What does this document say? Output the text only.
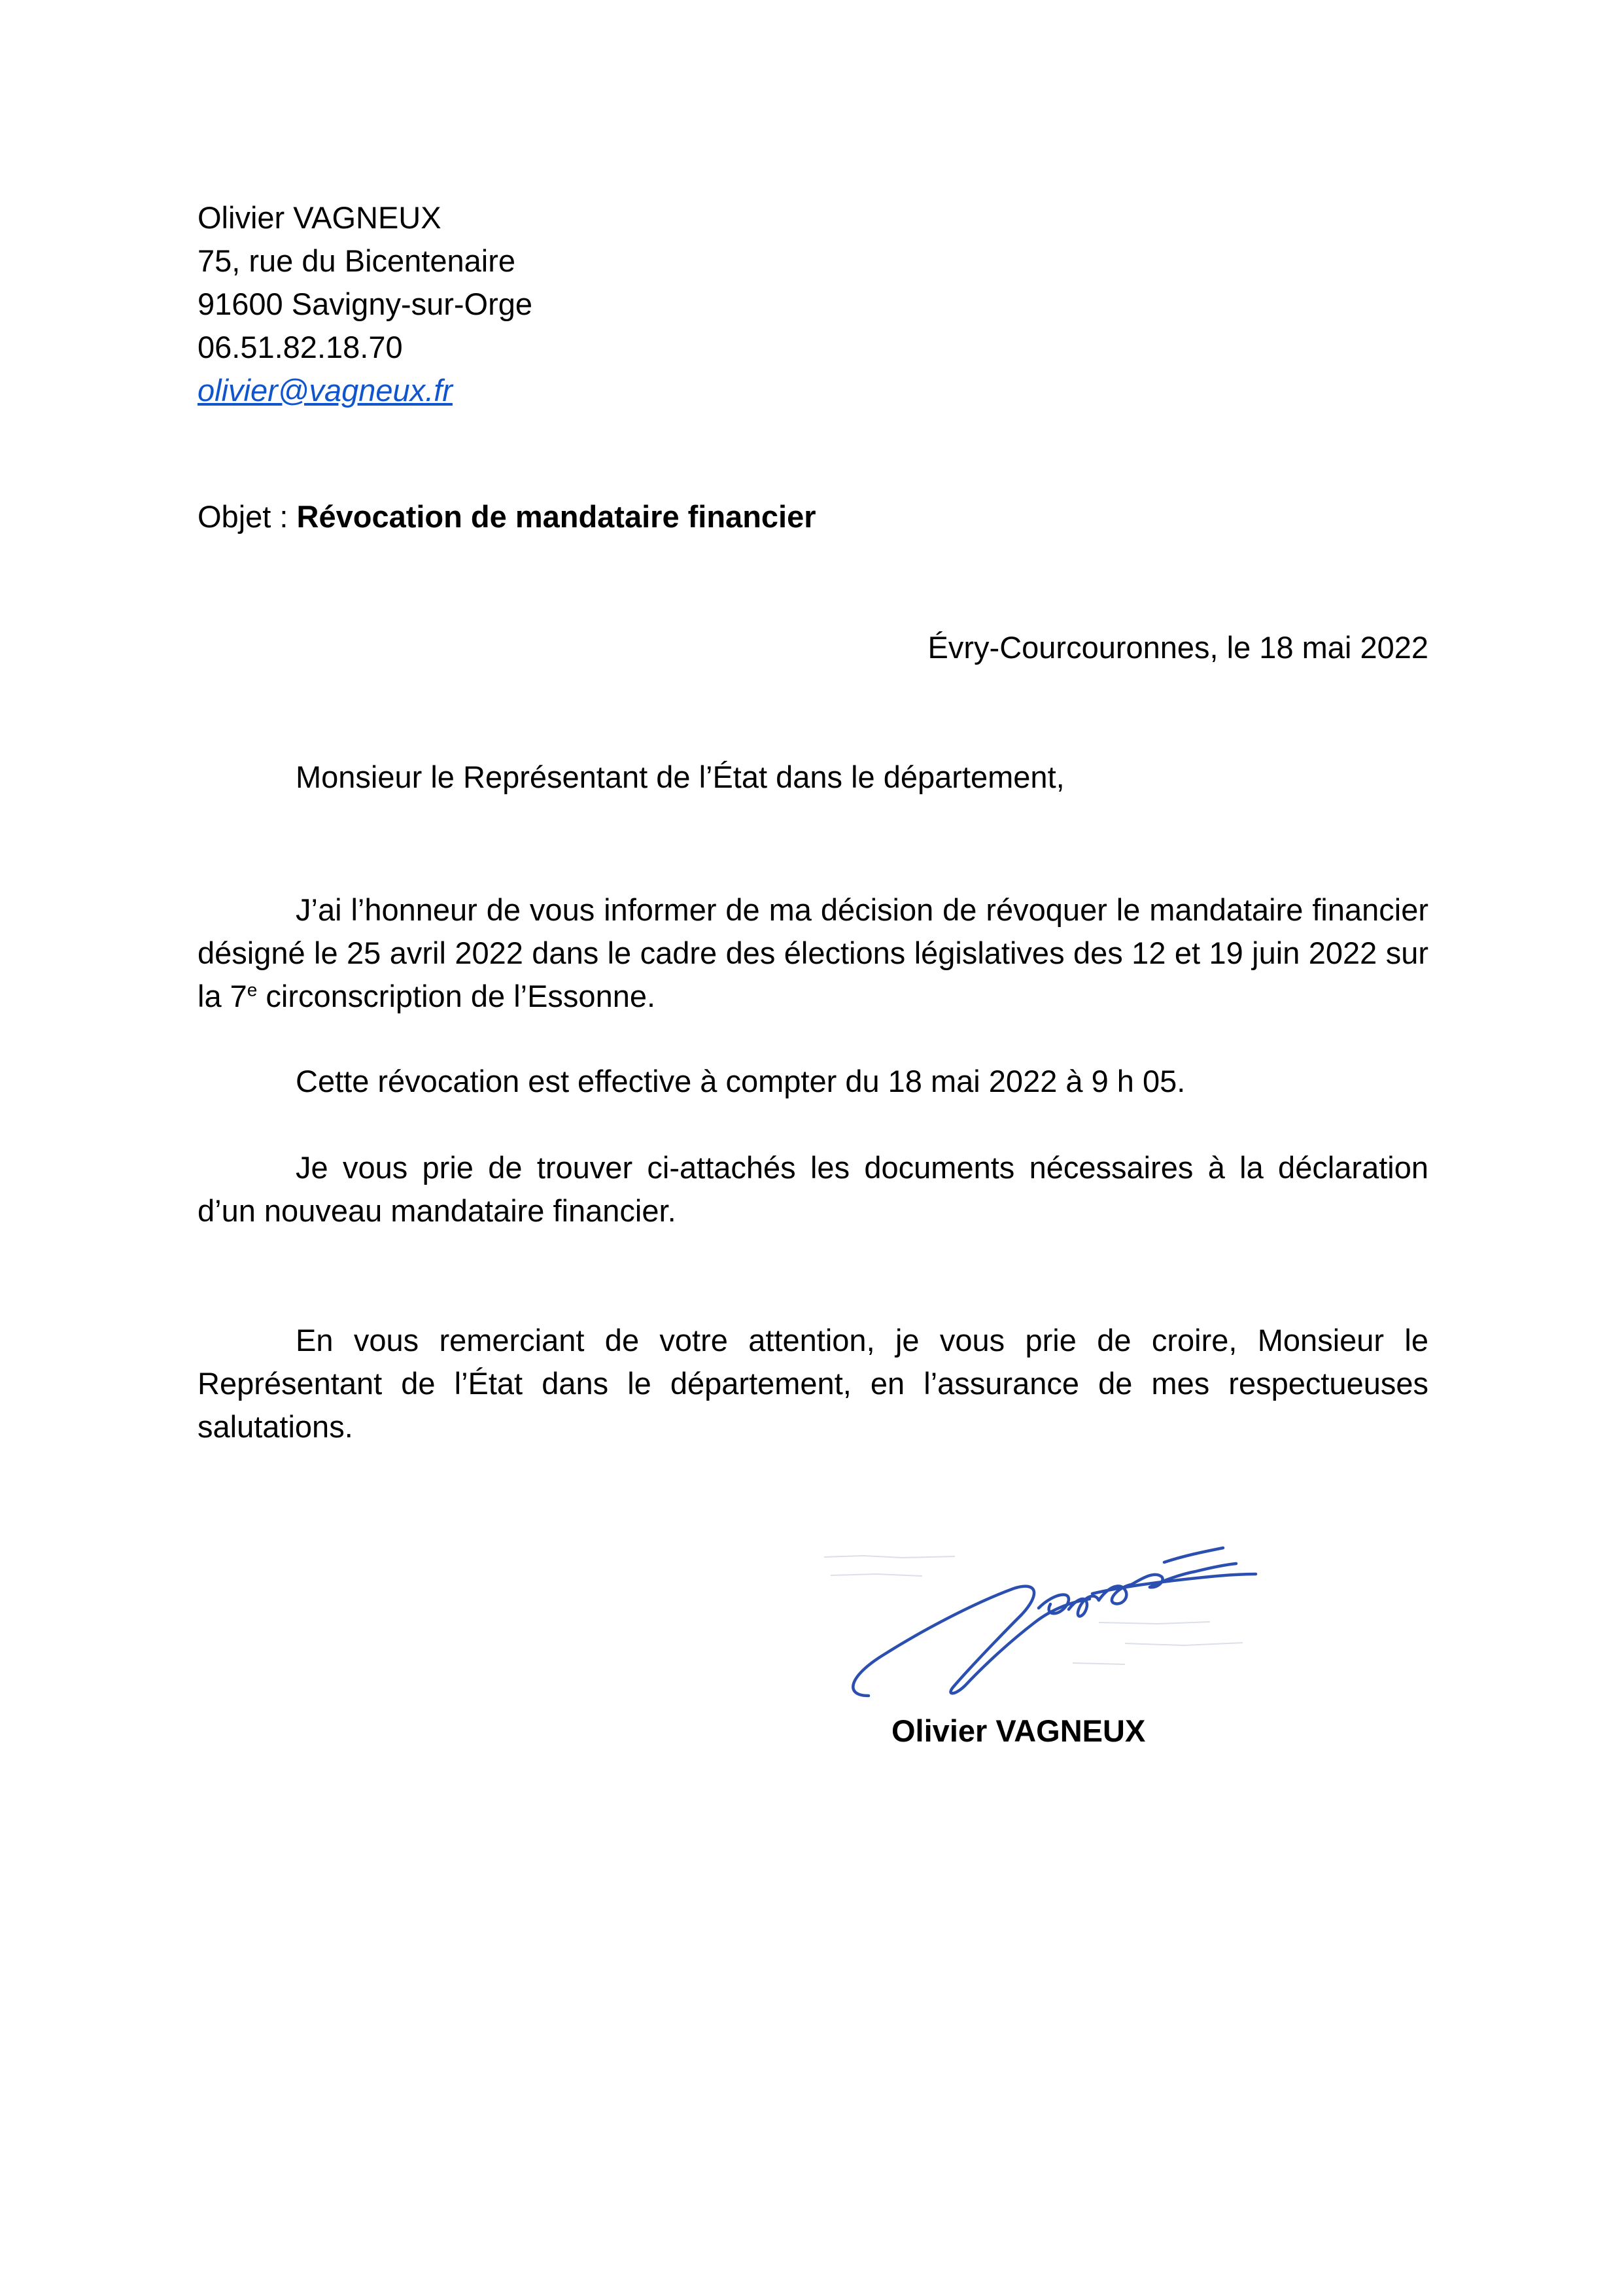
Olivier VAGNEUX
75, rue du Bicentenaire
91600 Savigny-sur-Orge
06.51.82.18.70
olivier@vagneux.fr
Objet : Révocation de mandataire financier
Évry-Courcouronnes, le 18 mai 2022
Monsieur le Représentant de l’État dans le département,

J’ai l’honneur de vous informer de ma décision de révoquer le mandataire financier désigné le 25 avril 2022 dans le cadre des élections législatives des 12 et 19 juin 2022 sur la 7e circonscription de l’Essonne.

Cette révocation est effective à compter du 18 mai 2022 à 9 h 05.

Je vous prie de trouver ci-attachés les documents nécessaires à la déclaration d’un nouveau mandataire financier.

En vous remerciant de votre attention, je vous prie de croire, Monsieur le Représentant de l’État dans le département, en l’assurance de mes respectueuses salutations.

Olivier VAGNEUX
